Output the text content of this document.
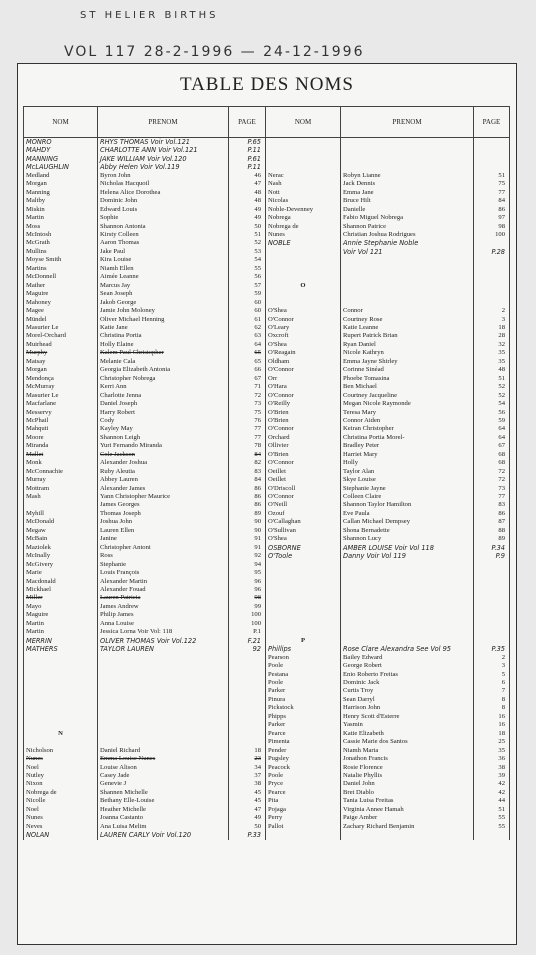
ST HELIER BIRTHS
VOL 117 28-2-1996 — 24-12-1996
TABLE DES NOMS
NOM	PRENOM	PAGE	NOM	PRENOM	PAGE
MONRO	RHYS THOMAS Voir Vol.121	P.65			
MAHDY	CHARLOTTE ANN Voir Vol.121	P.11			
MANNING	JAKE WILLIAM Voir Vol.120	P.61			
McLAUGHLIN	Abby Helen Voir Vol.119	P.11			
Medland	Byron John	46	Nerac	Robyn Lianne	51
Morgan	Nicholas Hacquoil	47	Nash	Jack Dennis	75
Manning	Helena Alice Dorothea	48	Nott	Emma Jane	77
Maltby	Dominic John	48	Nicolas	Bruce Hilt	84
Miskin	Edward Louis	49	Noble-Devenney	Danielle	86
Martin	Sophie	49	Nobrega	Fabio Miguel Nobrega	97
Moss	Shannon Antonia	50	Nobrega de	Shannon Patrice	98
McIntosh	Kirsty Colleen	51	Nunes	Christian Joshua Rodrigues	100
McGrath	Aaron Thomas	52	NOBLE	Annie Stephanie Noble	
Mullins	Jake Paul	53		Voir Vol 121	P.28
Moyse Smith	Kira Louise	54			
Martins	Niamh Ellen	55			
McDonnell	Aimée Leanne	56			
Mather	Marcus Jay	57	O		
Maguire	Sean Joseph	59			
Mahoney	Jakob George	60			
Magee	Jamie John Moloney	60	O'Shea	Connor	2
Mündel	Oliver Michael Henning	61	O'Connor	Courtney Rose	3
Masurier Le	Katie Jane	62	O'Leary	Katie Leanne	18
Morel-Orchard	Christina Portia	63	Oxcroft	Rupert Patrick Brian	28
Muirhead	Holly Elaine	64	O'Shea	Ryan Daniel	32
Murphy	Kalem Paul Christopher	65	O'Reagain	Nicole Kathryn	35
Matsay	Melanie Cala	65	Oldham	Emma Jayne Shirley	35
Morgan	Georgia Elizabeth Antonia	66	O'Connor	Corinne Sinéad	48
Mendonça	Christopher Nobrega	67	Orr	Phoebe Tomasina	51
McMurray	Kerri Ann	71	O'Hara	Ben Michael	52
Masurier Le	Charlotte Jenna	72	O'Connor	Courtney Jacqueline	52
Macfarlane	Daniel Joseph	73	O'Reilly	Megan Nicole Raymonde	54
Messervy	Harry Robert	75	O'Brien	Teresa Mary	56
McPhail	Cody	76	O'Brien	Connor Aiden	59
Mahquti	Kayley May	77	O'Connor	Keiran Christopher	64
Moore	Shannon Leigh	77	Orchard	Christina Portia Morel-	64
Miranda	Yuri Fernando Miranda	78	Ollivier	Bradley Peter	67
Mallet	Cole Jackson	84	O'Brien	Harriet Mary	68
Monk	Alexander Joshua	82	O'Connor	Holly	68
McConnachie	Ruby Aleutia	83	Oeillet	Taylor Alan	72
Murray	Abbey Lauren	84	Oeillet	Skye Louise	72
Mottram	Alexander James	86	O'Driscoll	Stephanie Jayne	73
Mash	Yann Christopher Maurice	86	O'Connor	Colleen Claire	77
	James Georges	86	O'Neill	Shannon Taylor Hamilton	83
Myhill	Thomas Joseph	89	Ozouf	Eve Paula	86
McDonald	Joshua John	90	O'Callaghan	Callan Michael Dempsey	87
Megaw	Lauren Ellen	90	O'Sullivan	Shona Bernadette	88
McBain	Janine	91	O'Shea	Shannon Lucy	89
Maziolek	Christopher Antoni	91	OSBORNE	AMBER LOUISE Voir Vol 118	P.34
McInally	Ross	92	O'Toole	Danny Voir Vol 119	P.9
McGivery	Stephanie	94			
Marie	Louis François	95			
Macdonald	Alexander Martin	96			
Mickhael	Alexander Fouad	96			
Miller	Lauren Patricia	98			
Mayo	James Andrew	99			
Maguire	Philip James	100			
Martin	Anna Louise	100			
Martin	Jessica Lorna Voir Vol: 118	P.1			
MERRIN	OLIVER THOMAS Voir Vol.122	F.21	P		
MATHERS	TAYLOR LAUREN	92	Phillips	Rose Clare Alexandra See Vol 95	P.35
			Pearson	Bailey Edward	2
			Poole	George Robert	3
			Pestana	Enio Roberto Freitas	5
			Poole	Dominic Jack	6
			Parker	Curtis Troy	7
			Pinura	Sean Darryl	8
			Pickstock	Harrison John	8
			Phipps	Henry Scott d'Esterre	16
			Parker	Yasmin	16
N			Pearce	Katie Elizabeth	18
			Pimenta	Cassie Marie dos Santos	25
Nicholson	Daniel Richard	18	Pender	Niamh Maria	35
Nunes	Emma Louise Nunes	23	Pugsley	Jonathon Francis	36
Noel	Louise Alison	34	Peacock	Rosie Florence	38
Nutley	Casey Jade	37	Poole	Natalie Phyllis	39
Nixon	Genevie J	38	Pryce	Daniel John	42
Nobrega de	Shannen Michelle	45	Pearce	Bret Diablo	42
Nicolle	Bethany Elle-Louise	45	Pita	Tania Luisa Freitas	44
Noel	Heather Michelle	47	Pojaga	Virginia Annee Hamah	51
Nunes	Joanna Castanto	49	Perry	Paige Amber	55
Neves	Ana Luisa Melim	50	Pallot	Zachary Richard Benjamin	55
NOLAN	LAUREN CARLY Voir Vol.120	P.33			
